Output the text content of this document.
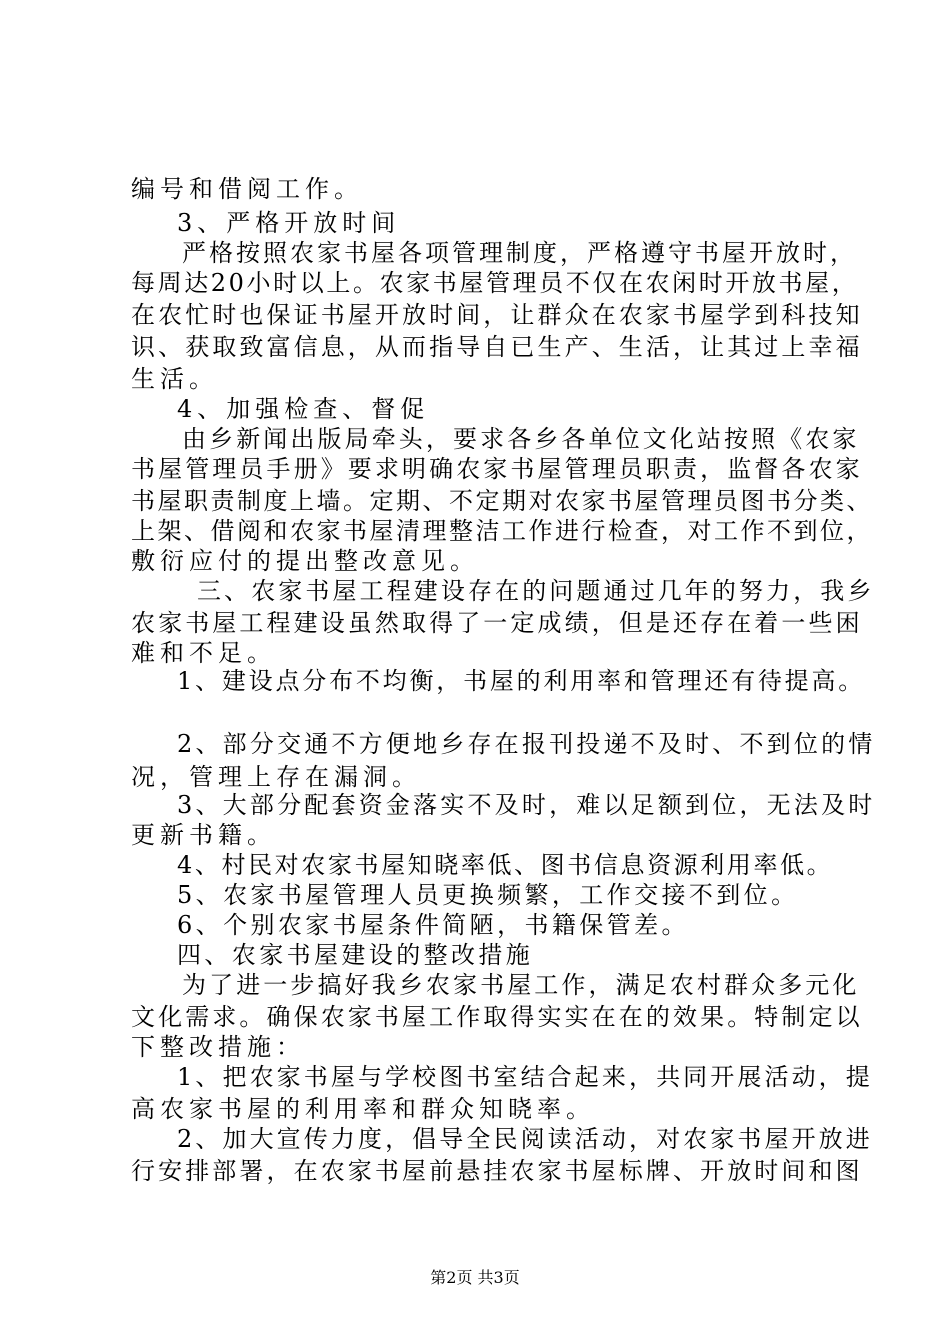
编号和借阅工作。
3、严格开放时间
严格按照农家书屋各项管理制度，严格遵守书屋开放时，
每周达20小时以上。农家书屋管理员不仅在农闲时开放书屋，
在农忙时也保证书屋开放时间，让群众在农家书屋学到科技知
识、获取致富信息，从而指导自已生产、生活，让其过上幸福
生活。
4、加强检查、督促
由乡新闻出版局牵头，要求各乡各单位文化站按照《农家
书屋管理员手册》要求明确农家书屋管理员职责，监督各农家
书屋职责制度上墙。定期、不定期对农家书屋管理员图书分类、
上架、借阅和农家书屋清理整洁工作进行检查，对工作不到位，
敷衍应付的提出整改意见。
三、农家书屋工程建设存在的问题通过几年的努力，我乡
农家书屋工程建设虽然取得了一定成绩，但是还存在着一些困
难和不足。
1、建设点分布不均衡，书屋的利用率和管理还有待提高。
2、部分交通不方便地乡存在报刊投递不及时、不到位的情
况，管理上存在漏洞。
3、大部分配套资金落实不及时，难以足额到位，无法及时
更新书籍。
4、村民对农家书屋知晓率低、图书信息资源利用率低。
5、农家书屋管理人员更换频繁，工作交接不到位。
6、个别农家书屋条件简陋，书籍保管差。
四、农家书屋建设的整改措施
为了进一步搞好我乡农家书屋工作，满足农村群众多元化
文化需求。确保农家书屋工作取得实实在在的效果。特制定以
下整改措施：
1、把农家书屋与学校图书室结合起来，共同开展活动，提
高农家书屋的利用率和群众知晓率。
2、加大宣传力度，倡导全民阅读活动，对农家书屋开放进
行安排部署，在农家书屋前悬挂农家书屋标牌、开放时间和图
第2页 共3页
